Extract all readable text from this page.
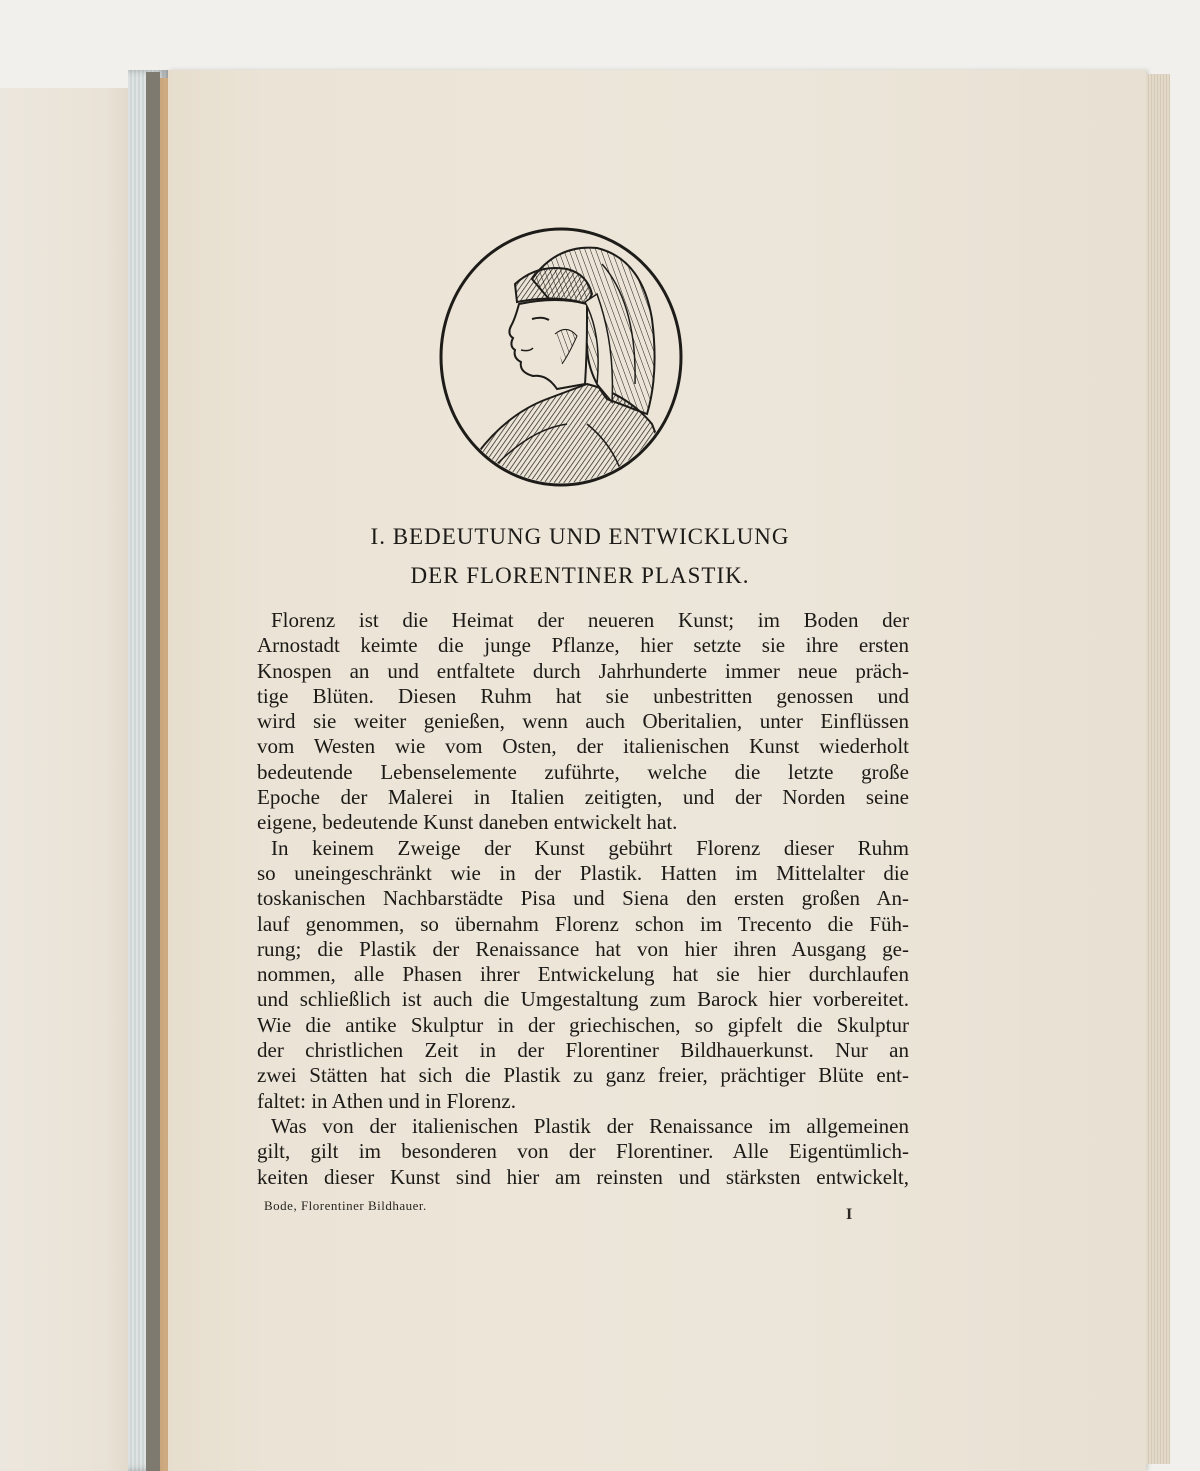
I. BEDEUTUNG UND ENTWICKLUNG
DER FLORENTINER PLASTIK.
Florenz ist die Heimat der neueren Kunst; im Boden der
Arnostadt keimte die junge Pflanze, hier setzte sie ihre ersten
Knospen an und entfaltete durch Jahrhunderte immer neue präch-
tige Blüten. Diesen Ruhm hat sie unbestritten genossen und
wird sie weiter genießen, wenn auch Oberitalien, unter Einflüssen
vom Westen wie vom Osten, der italienischen Kunst wiederholt
bedeutende Lebenselemente zuführte, welche die letzte große
Epoche der Malerei in Italien zeitigten, und der Norden seine
eigene, bedeutende Kunst daneben entwickelt hat.
In keinem Zweige der Kunst gebührt Florenz dieser Ruhm
so uneingeschränkt wie in der Plastik. Hatten im Mittelalter die
toskanischen Nachbarstädte Pisa und Siena den ersten großen An-
lauf genommen, so übernahm Florenz schon im Trecento die Füh-
rung; die Plastik der Renaissance hat von hier ihren Ausgang ge-
nommen, alle Phasen ihrer Entwickelung hat sie hier durchlaufen
und schließlich ist auch die Umgestaltung zum Barock hier vorbereitet.
Wie die antike Skulptur in der griechischen, so gipfelt die Skulptur
der christlichen Zeit in der Florentiner Bildhauerkunst. Nur an
zwei Stätten hat sich die Plastik zu ganz freier, prächtiger Blüte ent-
faltet: in Athen und in Florenz.
Was von der italienischen Plastik der Renaissance im allgemeinen
gilt, gilt im besonderen von der Florentiner. Alle Eigentümlich-
keiten dieser Kunst sind hier am reinsten und stärksten entwickelt,
Bode, Florentiner Bildhauer.
I
